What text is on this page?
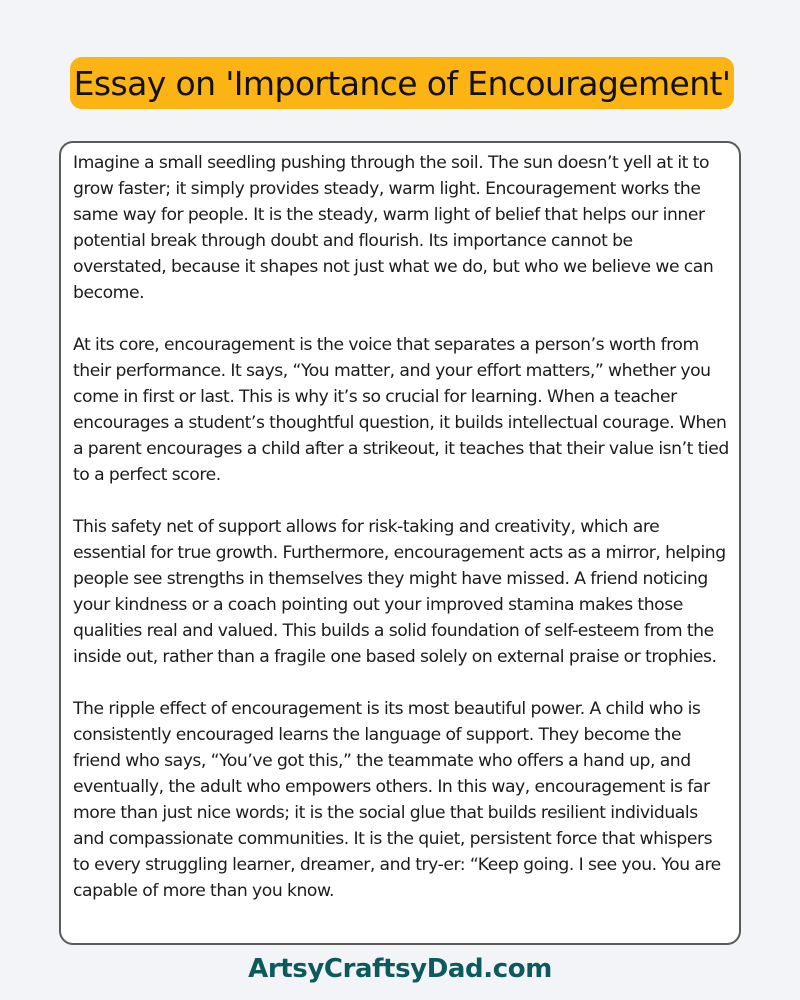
Essay on 'Importance of Encouragement'

Imagine a small seedling pushing through the soil. The sun doesn’t yell at it to grow faster; it simply provides steady, warm light. Encouragement works the same way for people. It is the steady, warm light of belief that helps our inner potential break through doubt and flourish. Its importance cannot be overstated, because it shapes not just what we do, but who we believe we can become.

At its core, encouragement is the voice that separates a person’s worth from their performance. It says, “You matter, and your effort matters,” whether you come in first or last. This is why it’s so crucial for learning. When a teacher encourages a student’s thoughtful question, it builds intellectual courage. When a parent encourages a child after a strikeout, it teaches that their value isn’t tied to a perfect score.

This safety net of support allows for risk-taking and creativity, which are essential for true growth. Furthermore, encouragement acts as a mirror, helping people see strengths in themselves they might have missed. A friend noticing your kindness or a coach pointing out your improved stamina makes those qualities real and valued. This builds a solid foundation of self-esteem from the inside out, rather than a fragile one based solely on external praise or trophies.

The ripple effect of encouragement is its most beautiful power. A child who is consistently encouraged learns the language of support. They become the friend who says, “You’ve got this,” the teammate who offers a hand up, and eventually, the adult who empowers others. In this way, encouragement is far more than just nice words; it is the social glue that builds resilient individuals and compassionate communities. It is the quiet, persistent force that whispers to every struggling learner, dreamer, and try-er: “Keep going. I see you. You are capable of more than you know.

ArtsyCraftsyDad.com
